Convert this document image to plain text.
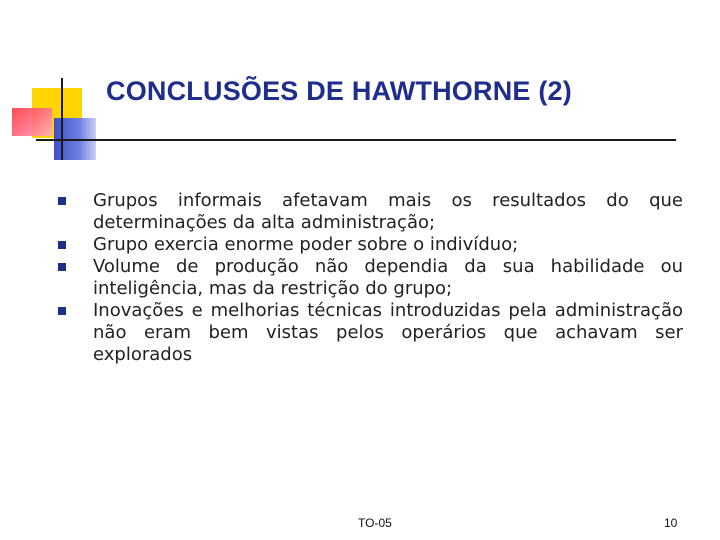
CONCLUSÕES DE HAWTHORNE (2)
Grupos informais afetavam mais os resultados do que determinações da alta administração;
Grupo exercia enorme poder sobre o indivíduo;
Volume de produção não dependia da sua habilidade ou inteligência, mas da restrição do grupo;
Inovações e melhorias técnicas introduzidas pela administração não eram bem vistas pelos operários que achavam ser explorados
TO-05	10
